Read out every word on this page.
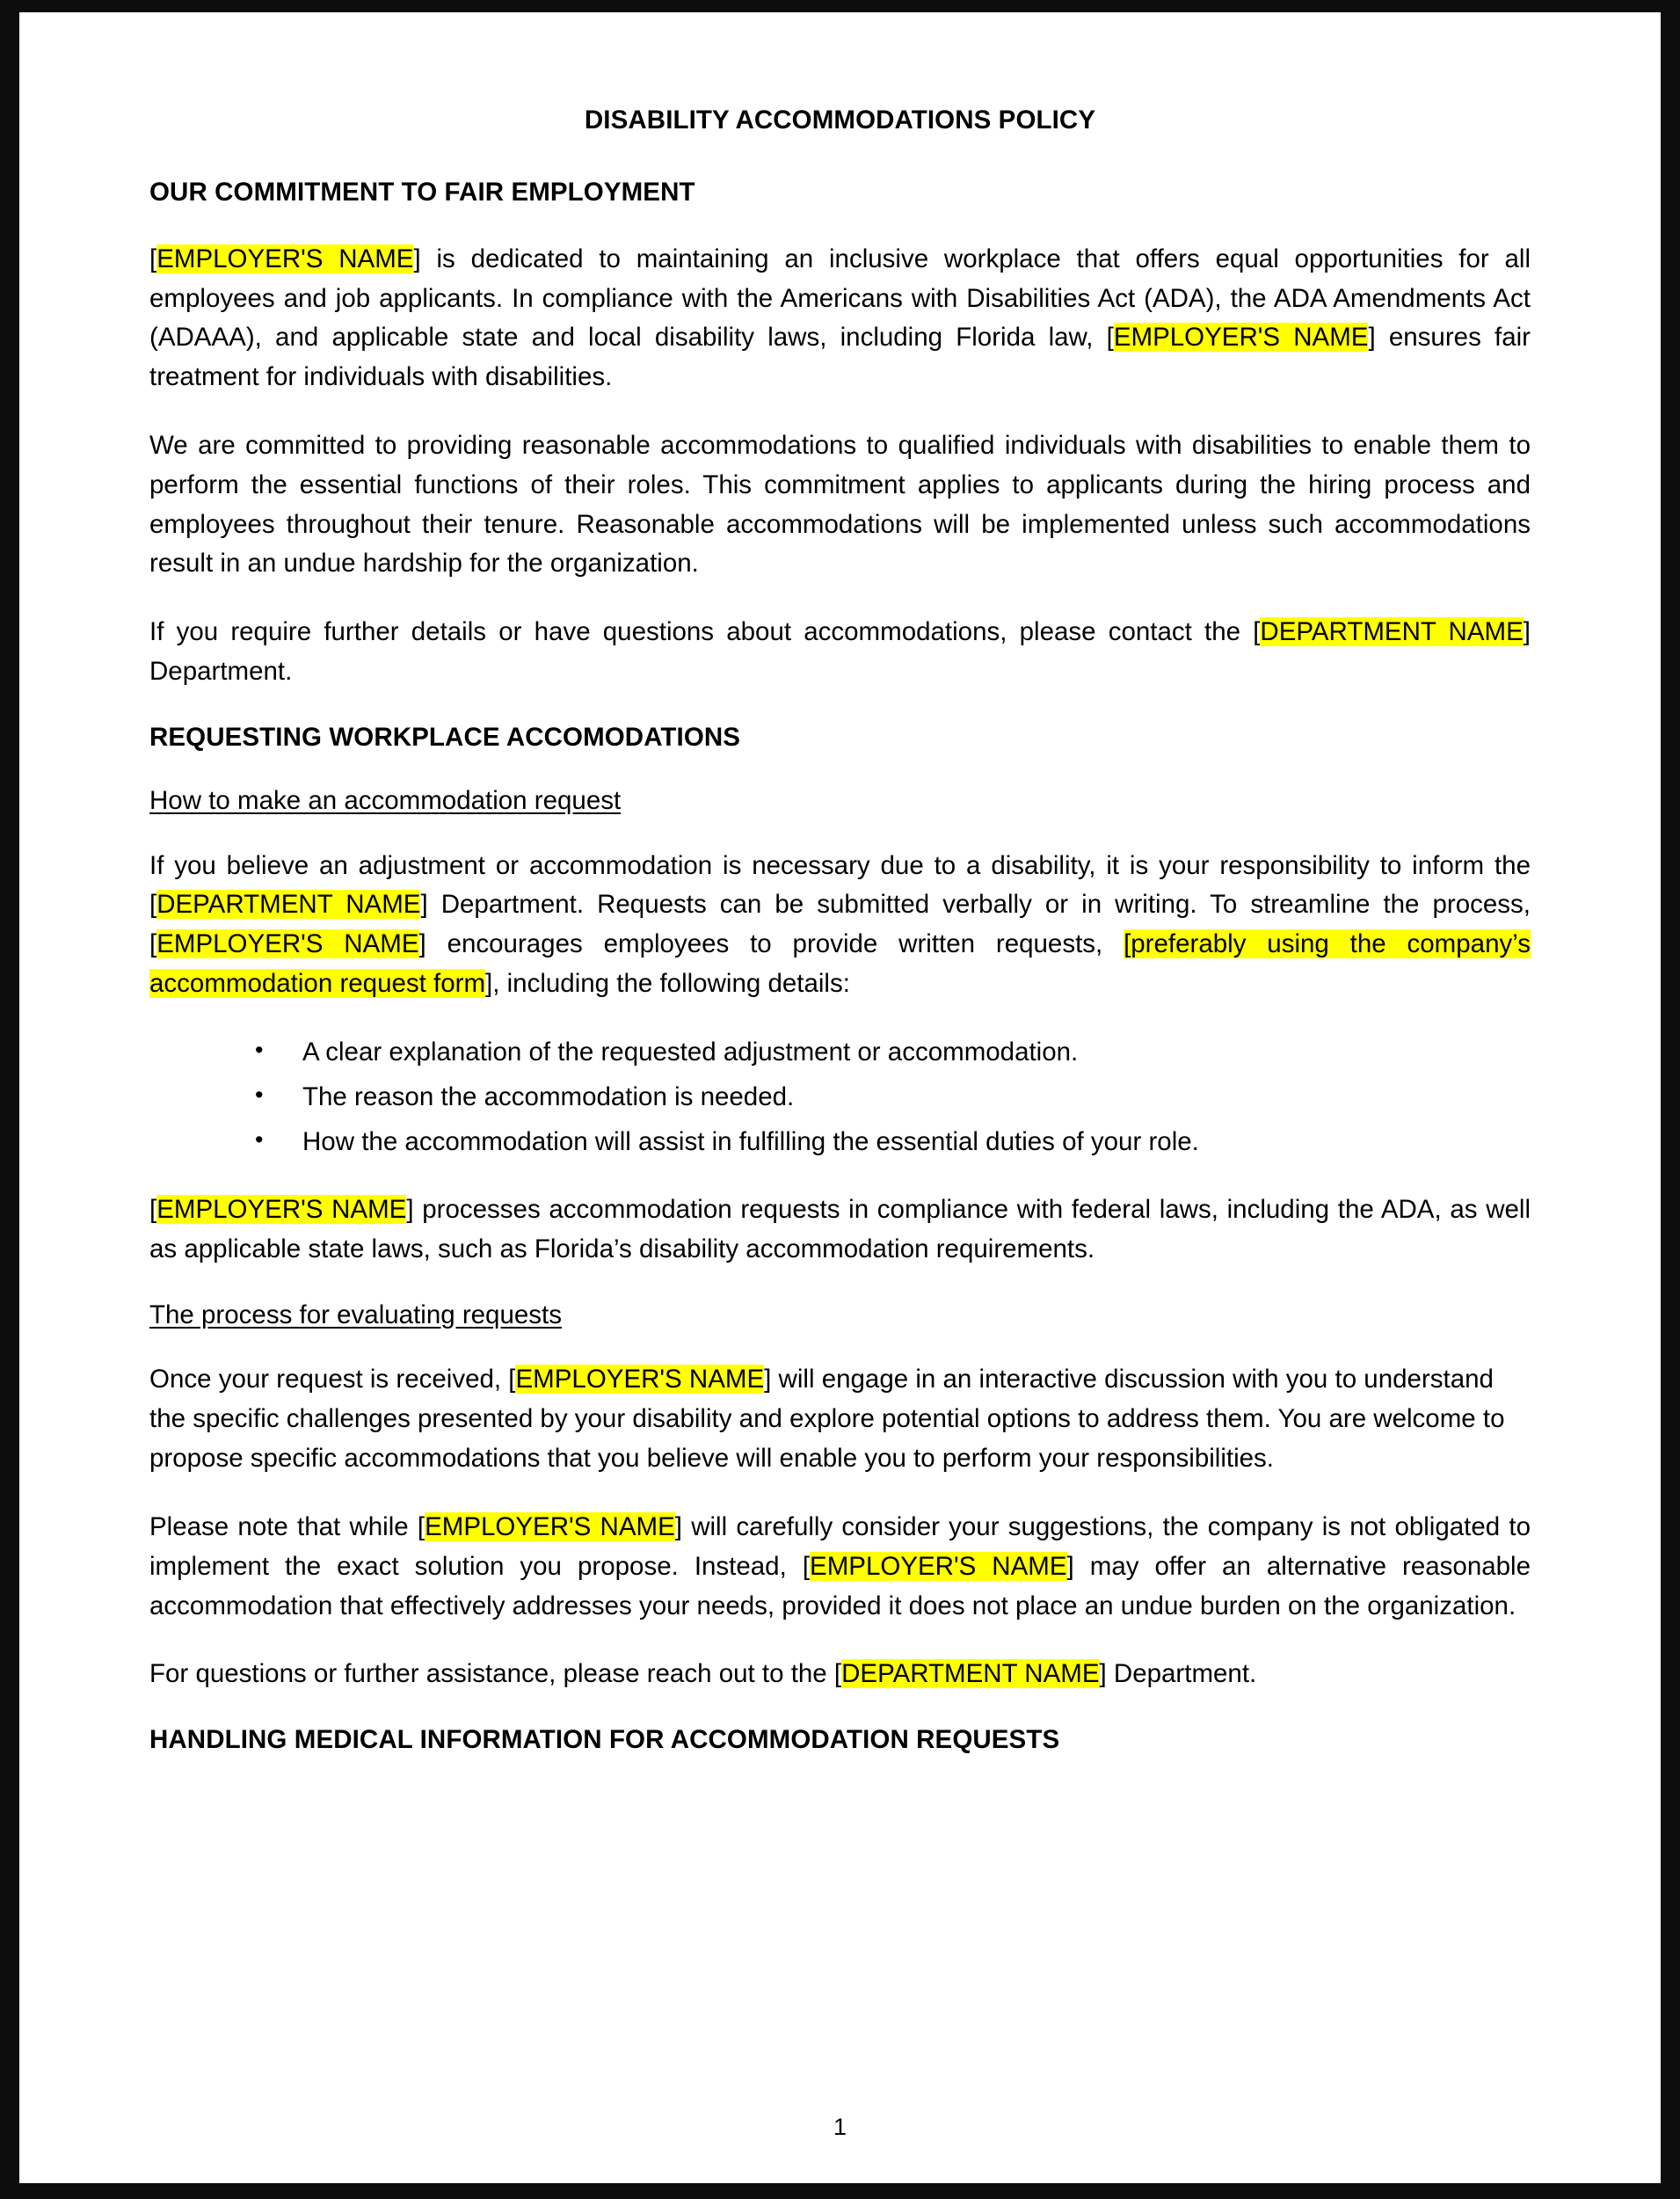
DISABILITY ACCOMMODATIONS POLICY
OUR COMMITMENT TO FAIR EMPLOYMENT

[EMPLOYER'S NAME] is dedicated to maintaining an inclusive workplace that offers equal opportunities for all employees and job applicants. In compliance with the Americans with Disabilities Act (ADA), the ADA Amendments Act (ADAAA), and applicable state and local disability laws, including Florida law, [EMPLOYER'S NAME] ensures fair treatment for individuals with disabilities.

We are committed to providing reasonable accommodations to qualified individuals with disabilities to enable them to perform the essential functions of their roles. This commitment applies to applicants during the hiring process and employees throughout their tenure. Reasonable accommodations will be implemented unless such accommodations result in an undue hardship for the organization.

If you require further details or have questions about accommodations, please contact the [DEPARTMENT NAME] Department.

REQUESTING WORKPLACE ACCOMODATIONS
How to make an accommodation request

If you believe an adjustment or accommodation is necessary due to a disability, it is your responsibility to inform the [DEPARTMENT NAME] Department. Requests can be submitted verbally or in writing. To streamline the process, [EMPLOYER'S NAME] encourages employees to provide written requests, [preferably using the company’s accommodation request form], including the following details:

• A clear explanation of the requested adjustment or accommodation.
• The reason the accommodation is needed.
• How the accommodation will assist in fulfilling the essential duties of your role.

[EMPLOYER'S NAME] processes accommodation requests in compliance with federal laws, including the ADA, as well as applicable state laws, such as Florida’s disability accommodation requirements.

The process for evaluating requests

Once your request is received, [EMPLOYER'S NAME] will engage in an interactive discussion with you to understand the specific challenges presented by your disability and explore potential options to address them. You are welcome to propose specific accommodations that you believe will enable you to perform your responsibilities.

Please note that while [EMPLOYER'S NAME] will carefully consider your suggestions, the company is not obligated to implement the exact solution you propose. Instead, [EMPLOYER'S NAME] may offer an alternative reasonable accommodation that effectively addresses your needs, provided it does not place an undue burden on the organization.

For questions or further assistance, please reach out to the [DEPARTMENT NAME] Department.

HANDLING MEDICAL INFORMATION FOR ACCOMMODATION REQUESTS
1
